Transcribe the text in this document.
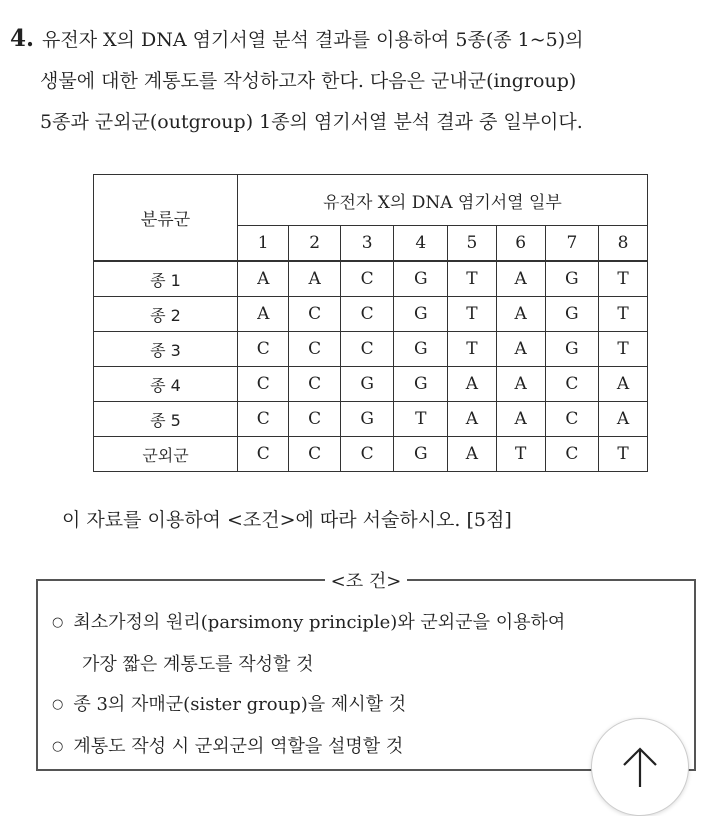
4. 유전자 X의 DNA 염기서열 분석 결과를 이용하여 5종(종 1~5)의
생물에 대한 계통도를 작성하고자 한다. 다음은 군내군(ingroup)
5종과 군외군(outgroup) 1종의 염기서열 분석 결과 중 일부이다.
분류군	유전자 X의 DNA 염기서열 일부							
	1	2	3	4	5	6	7	8
종 1	A	A	C	G	T	A	G	T
종 2	A	C	C	G	T	A	G	T
종 3	C	C	C	G	T	A	G	T
종 4	C	C	G	G	A	A	C	A
종 5	C	C	G	T	A	A	C	A
군외군	C	C	C	G	A	T	C	T
이 자료를 이용하여 <조건>에 따라 서술하시오. [5점]
<조 건>
○ 최소가정의 원리(parsimony principle)와 군외군을 이용하여
가장 짧은 계통도를 작성할 것
○ 종 3의 자매군(sister group)을 제시할 것
○ 계통도 작성 시 군외군의 역할을 설명할 것
